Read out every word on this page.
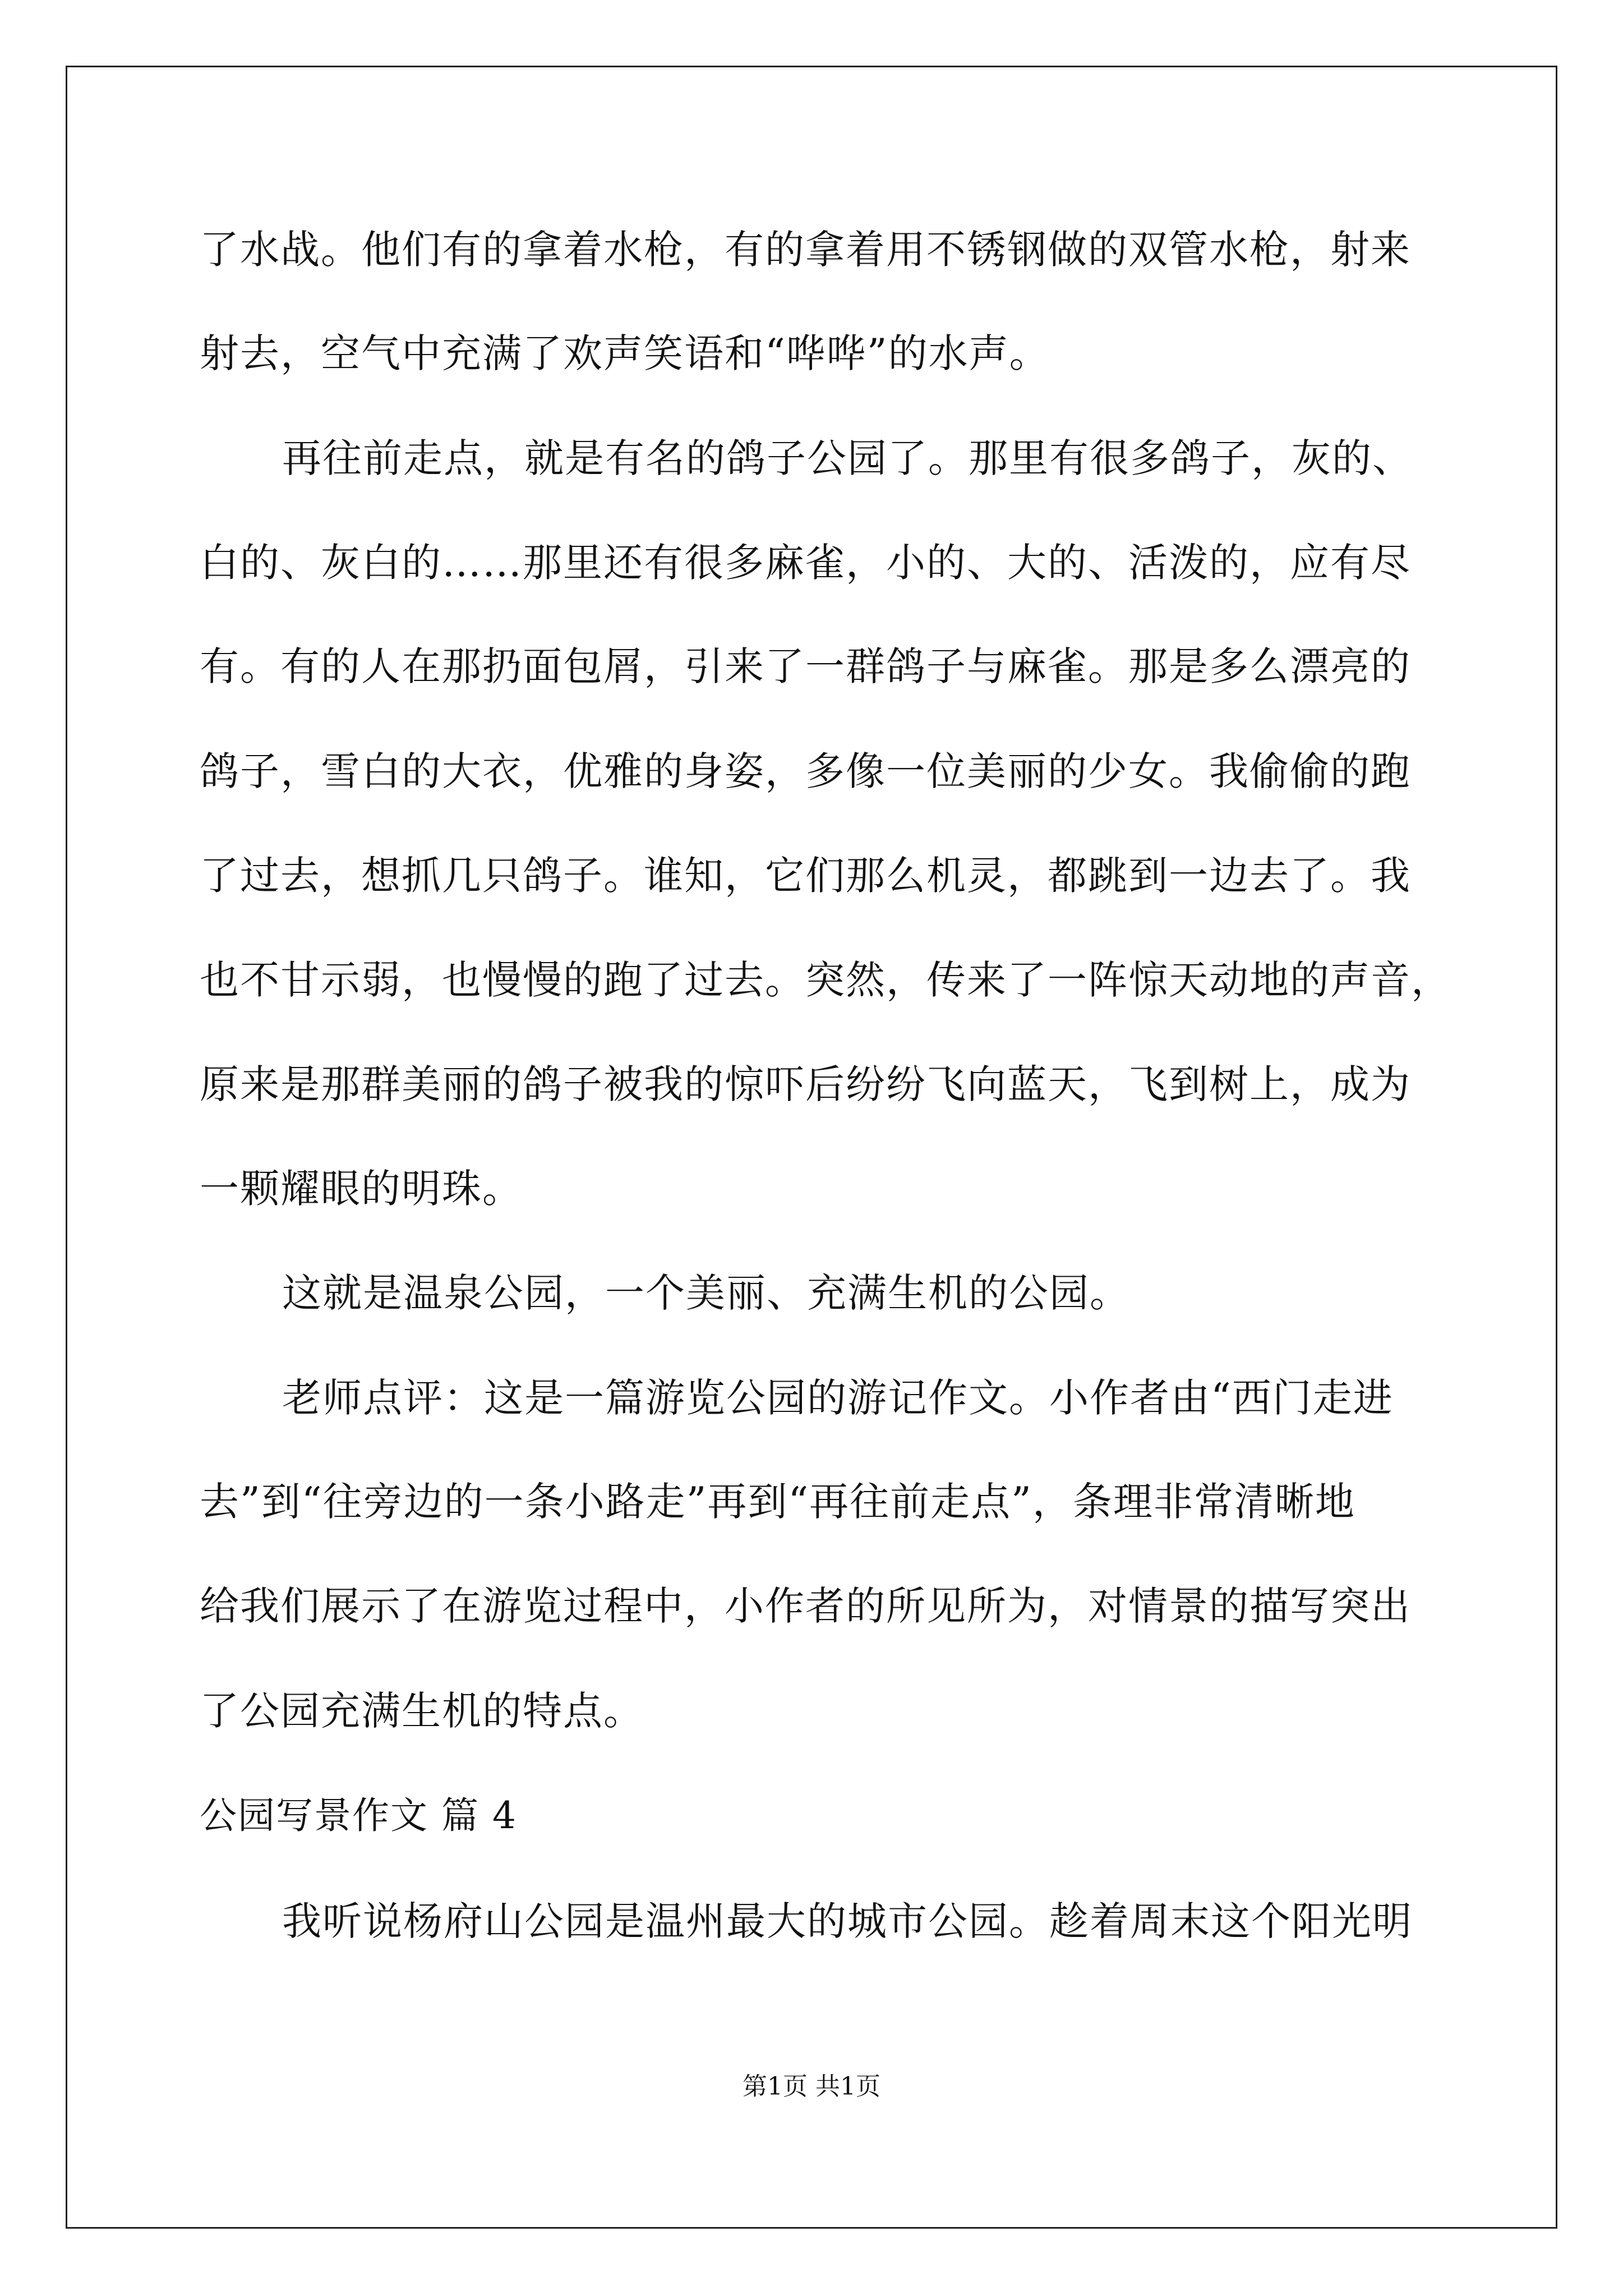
了水战。他们有的拿着水枪，有的拿着用不锈钢做的双管水枪，射来
射去，空气中充满了欢声笑语和“哗哗”的水声。
再往前走点，就是有名的鸽子公园了。那里有很多鸽子，灰的、
白的、灰白的……那里还有很多麻雀，小的、大的、活泼的，应有尽
有。有的人在那扔面包屑，引来了一群鸽子与麻雀。那是多么漂亮的
鸽子，雪白的大衣，优雅的身姿，多像一位美丽的少女。我偷偷的跑
了过去，想抓几只鸽子。谁知，它们那么机灵，都跳到一边去了。我
也不甘示弱，也慢慢的跑了过去。突然，传来了一阵惊天动地的声音，
原来是那群美丽的鸽子被我的惊吓后纷纷飞向蓝天，飞到树上，成为
一颗耀眼的明珠。
这就是温泉公园，一个美丽、充满生机的公园。
老师点评：这是一篇游览公园的游记作文。小作者由“西门走进
去”到“往旁边的一条小路走”再到“再往前走点”，条理非常清晰地
给我们展示了在游览过程中，小作者的所见所为，对情景的描写突出
了公园充满生机的特点。
公园写景作文 篇 4
我听说杨府山公园是温州最大的城市公园。趁着周末这个阳光明
第1页 共1页
